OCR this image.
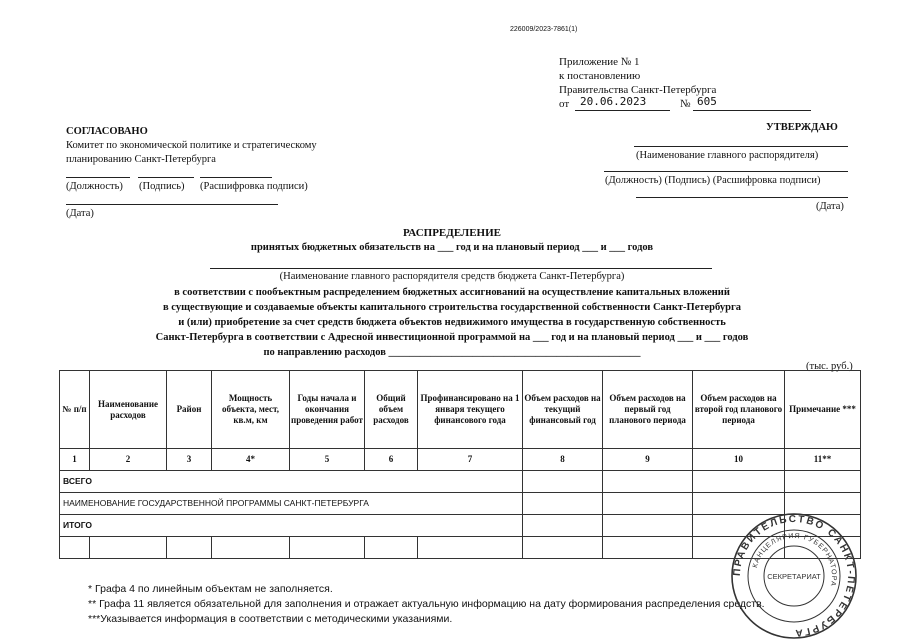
226009/2023-7861(1)
Приложение № 1
к постановлению
Правительства Санкт-Петербурга
от 20.06.2023	№ 605
СОГЛАСОВАНО
Комитет по экономической политике и стратегическому
планированию Санкт-Петербурга
(Должность) (Подпись) (Расшифровка подписи)
(Дата)
УТВЕРЖДАЮ
(Наименование главного распорядителя)
(Должность) (Подпись) (Расшифровка подписи)
(Дата)
РАСПРЕДЕЛЕНИЕ
принятых бюджетных обязательств на ___ год и на плановый период ___ и ___ годов
(Наименование главного распорядителя средств бюджета Санкт-Петербурга)
в соответствии с пообъектным распределением бюджетных ассигнований на осуществление капитальных вложений
в существующие и создаваемые объекты капитального строительства государственной собственности Санкт-Петербурга
и (или) приобретение за счет средств бюджета объектов недвижимого имущества в государственную собственность
Санкт-Петербурга в соответствии с Адресной инвестиционной программой на ___ год и на плановый период ___ и ___ годов
по направлению расходов ________________________________________________
(тыс. руб.)
№ п/п	Наименование расходов	Район	Мощность объекта, мест, кв.м, км	Годы начала и окончания проведения работ	Общий объем расходов	Профинансировано на 1 января текущего финансового года	Объем расходов на текущий финансовый год	Объем расходов на первый год планового периода	Объем расходов на второй год планового периода	Примечание ***
1	2	3	4*	5	6	7	8	9	10	11**
ВСЕГО										
НАИМЕНОВАНИЕ ГОСУДАРСТВЕННОЙ ПРОГРАММЫ САНКТ-ПЕТЕРБУРГА										
ИТОГО										

* Графа 4 по линейным объектам не заполняется.
** Графа 11 является обязательной для заполнения и отражает актуальную информацию на дату формирования распределения средств.
***Указывается информация в соответствии с методическими указаниями.
ПРАВИТЕЛЬСТВО САНКТ-ПЕТЕРБУРГА
КАНЦЕЛЯРИЯ ГУБЕРНАТОРА
СЕКРЕТАРИАТ
